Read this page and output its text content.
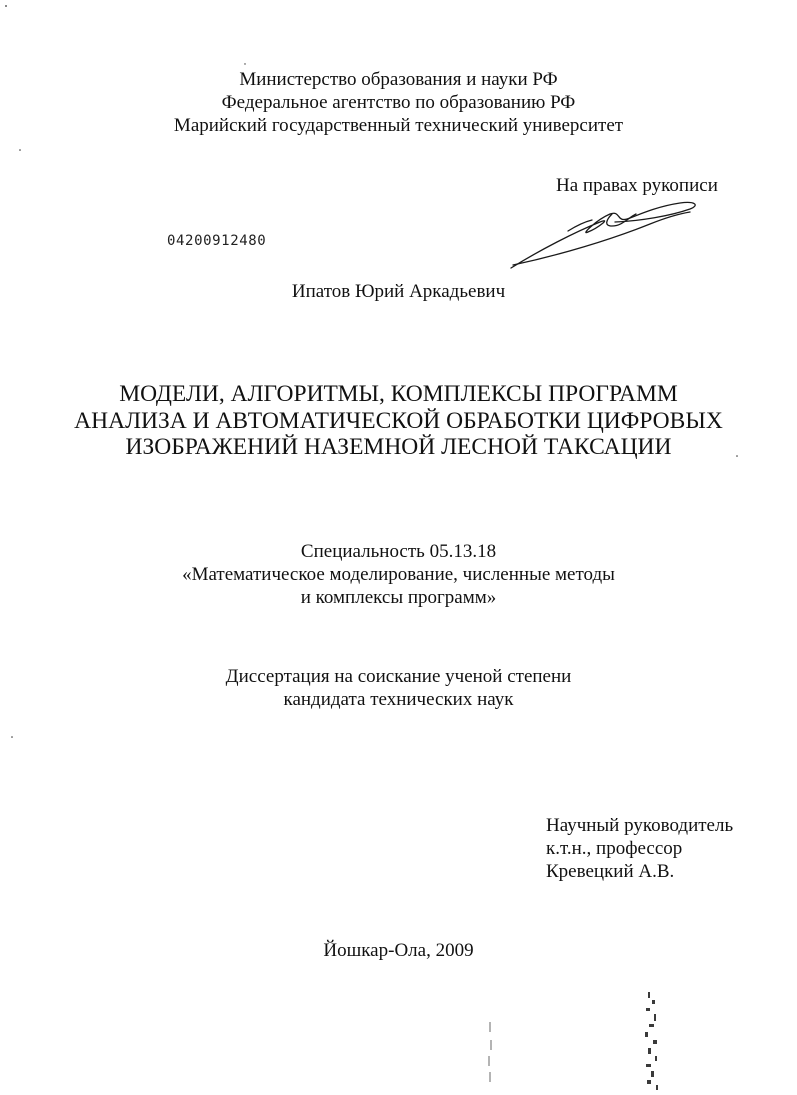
Министерство образования и науки РФ
Федеральное агентство по образованию РФ
Марийский государственный технический университет
На правах рукописи
04200912480
Ипатов Юрий Аркадьевич
МОДЕЛИ, АЛГОРИТМЫ, КОМПЛЕКСЫ ПРОГРАММ
АНАЛИЗА И АВТОМАТИЧЕСКОЙ ОБРАБОТКИ ЦИФРОВЫХ
ИЗОБРАЖЕНИЙ НАЗЕМНОЙ ЛЕСНОЙ ТАКСАЦИИ
Специальность 05.13.18
«Математическое моделирование, численные методы
и комплексы программ»
Диссертация на соискание ученой степени
кандидата технических наук
Научный руководитель
к.т.н., профессор
Кревецкий А.В.
Йошкар-Ола, 2009
